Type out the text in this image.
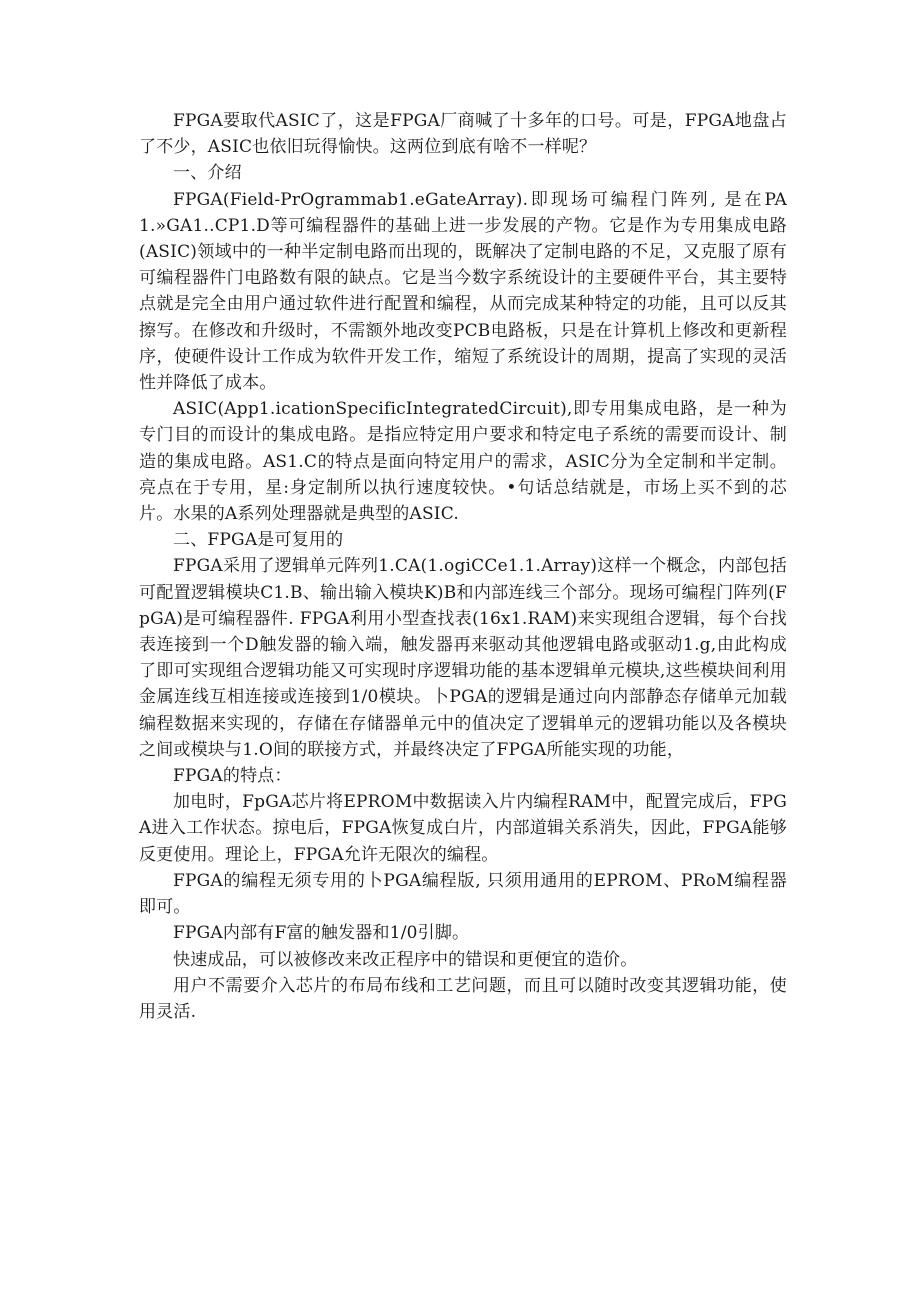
FPGA要取代ASIC了，这是FPGA厂商喊了十多年的口号。可是，FPGA地盘占了不少，ASIC也依旧玩得愉快。这两位到底有啥不一样呢？

一、介绍

FPGA(Field-PrOgrammab1.eGateArray).即现场可编程门阵列, 是在PA1.»GA1..CP1.D等可编程器件的基础上进一步发展的产物。它是作为专用集成电路(ASIC)领域中的一种半定制电路而出现的，既解决了定制电路的不足，又克服了原有可编程器件门电路数有限的缺点。它是当今数字系统设计的主要硬件平台，其主要特点就是完全由用户通过软件进行配置和编程，从而完成某种特定的功能，且可以反其擦写。在修改和升级时，不需额外地改变PCB电路板，只是在计算机上修改和更新程序，使硬件设计工作成为软件开发工作，缩短了系统设计的周期，提高了实现的灵活性并降低了成本。

ASIC(App1.icationSpecificIntegratedCircuit),即专用集成电路，是一种为专门目的而设计的集成电路。是指应特定用户要求和特定电子系统的需要而设计、制造的集成电路。AS1.C的特点是面向特定用户的需求，ASIC分为全定制和半定制。亮点在于专用，星:身定制所以执行速度较快。•句话总结就是，市场上买不到的芯片。水果的A系列处理器就是典型的ASIC.

二、FPGA是可复用的

FPGA采用了逻辑单元阵列1.CA(1.ogiCCe1.1.Array)这样一个概念，内部包括可配置逻辑模块C1.B、输出输入模块K)B和内部连线三个部分。现场可编程门阵列(FpGA)是可编程器件. FPGA利用小型查找表(16x1.RAM)来实现组合逻辑，每个台找表连接到一个D触发器的输入端，触发器再来驱动其他逻辑电路或驱动1.g,由此构成了即可实现组合逻辑功能又可实现时序逻辑功能的基本逻辑单元模块,这些模块间利用金属连线互相连接或连接到1/0模块。卜PGA的逻辑是通过向内部静态存储单元加载编程数据来实现的，存储在存储器单元中的值决定了逻辑单元的逻辑功能以及各模块之间或模块与1.O间的联接方式，并最终决定了FPGA所能实现的功能，

FPGA的特点：

加电时，FpGA芯片将EPROM中数据读入片内编程RAM中，配置完成后，FPGA进入工作状态。掠电后，FPGA恢复成白片，内部道辑关系消失，因此，FPGA能够反更使用。理论上，FPGA允许无限次的编程。

FPGA的编程无须专用的卜PGA编程版, 只须用通用的EPROM、PRoM编程器即可。

FPGA内部有F富的触发器和1/0引脚。

快速成品，可以被修改来改正程序中的错误和更便宜的造价。

用户不需要介入芯片的布局布线和工艺问题，而且可以随时改变其逻辑功能，使用灵活.
